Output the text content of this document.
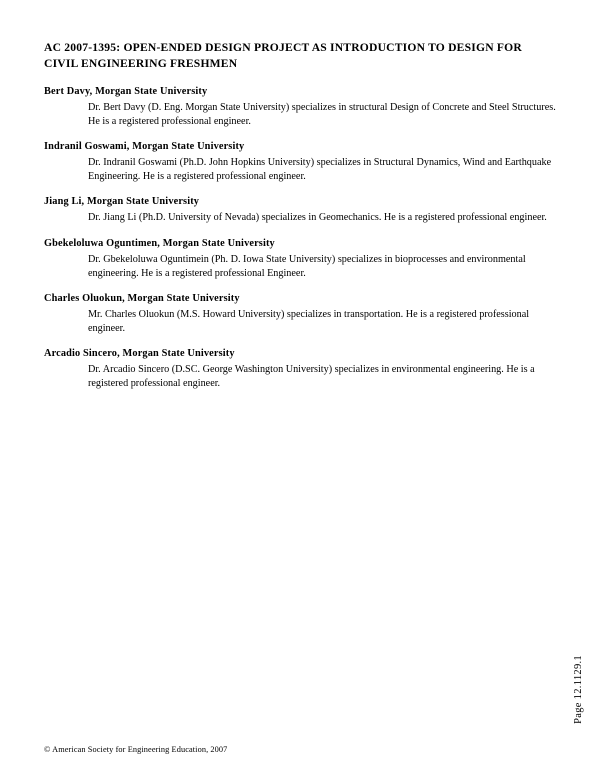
AC 2007-1395: OPEN-ENDED DESIGN PROJECT AS INTRODUCTION TO DESIGN FOR CIVIL ENGINEERING FRESHMEN
Bert Davy, Morgan State University
Dr. Bert Davy (D. Eng. Morgan State University) specializes in structural Design of Concrete and Steel Structures. He is a registered professional engineer.
Indranil Goswami, Morgan State University
Dr. Indranil Goswami (Ph.D. John Hopkins University) specializes in Structural Dynamics, Wind and Earthquake Engineering. He is a registered professional engineer.
Jiang Li, Morgan State University
Dr. Jiang Li (Ph.D. University of Nevada) specializes in Geomechanics. He is a registered professional engineer.
Gbekeloluwa Oguntimen, Morgan State University
Dr. Gbekeloluwa Oguntimein (Ph. D. Iowa State University) specializes in bioprocesses and environmental engineering. He is a registered professional Engineer.
Charles Oluokun, Morgan State University
Mr. Charles Oluokun (M.S. Howard University) specializes in transportation. He is a registered professional engineer.
Arcadio Sincero, Morgan State University
Dr. Arcadio Sincero (D.SC. George Washington University) specializes in environmental engineering. He is a registered professional engineer.
Page 12.1129.1
© American Society for Engineering Education, 2007
